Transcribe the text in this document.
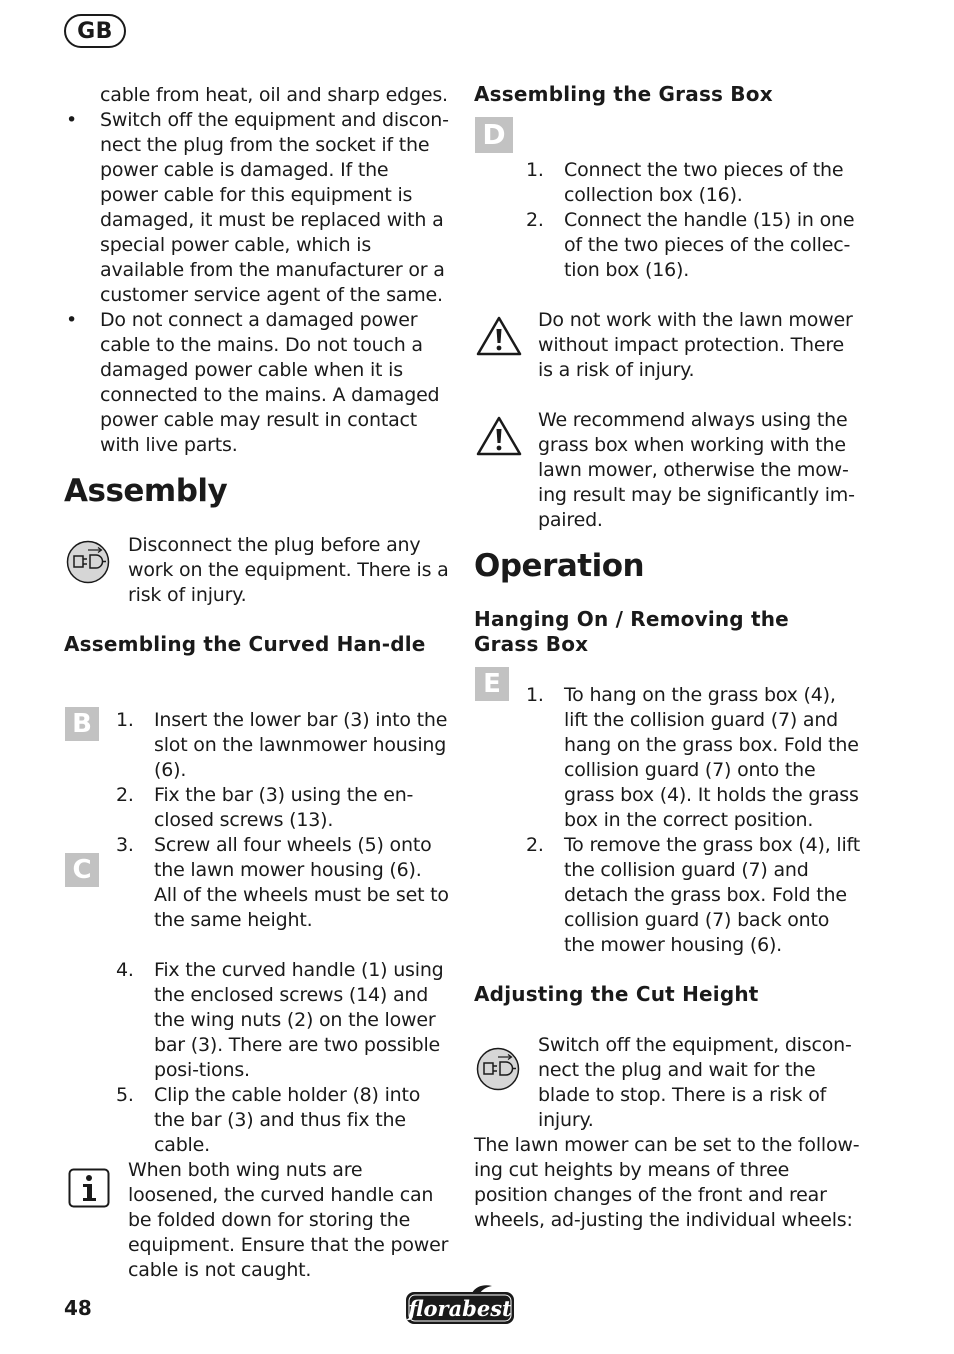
GB
cable from heat, oil and sharp edges.
• Switch off the equipment and discon-nect the plug from the socket if the power cable is damaged. If the power cable for this equipment is damaged, it must be replaced with a special power cable, which is available from the manufacturer or a customer service agent of the same.
• Do not connect a damaged power cable to the mains. Do not touch a damaged power cable when it is connected to the mains. A damaged power cable may result in contact with live parts.
Assembly
Disconnect the plug before any work on the equipment. There is a risk of injury.
Assembling the Curved Han-dle
B
C
1. Insert the lower bar (3) into the slot on the lawnmower housing (6).
2. Fix the bar (3) using the en-closed screws (13).
3. Screw all four wheels (5) onto the lawn mower housing (6). All of the wheels must be set to the same height.
4. Fix the curved handle (1) using the enclosed screws (14) and the wing nuts (2) on the lower bar (3). There are two possible posi-tions.
5. Clip the cable holder (8) into the bar (3) and thus fix the cable.
When both wing nuts are loosened, the curved handle can be folded down for storing the equipment. Ensure that the power cable is not caught.
Assembling the Grass Box
D
1. Connect the two pieces of the collection box (16).
2. Connect the handle (15) in one of the two pieces of the collec-tion box (16).
Do not work with the lawn mower without impact protection. There is a risk of injury.
We recommend always using the grass box when working with the lawn mower, otherwise the mow-ing result may be significantly im-paired.
Operation
Hanging On / Removing the Grass Box
E	1. To hang on the grass box (4), lift the collision guard (7) and hang on the grass box. Fold the collision guard (7) onto the grass box (4). It holds the grass box in the correct position.
2. To remove the grass box (4), lift the collision guard (7) and detach the grass box. Fold the collision guard (7) back onto the mower housing (6).
Adjusting the Cut Height
Switch off the equipment, discon-nect the plug and wait for the blade to stop. There is a risk of injury.
The lawn mower can be set to the follow-ing cut heights by means of three position changes of the front and rear wheels, ad-justing the individual wheels:
48	florabest
